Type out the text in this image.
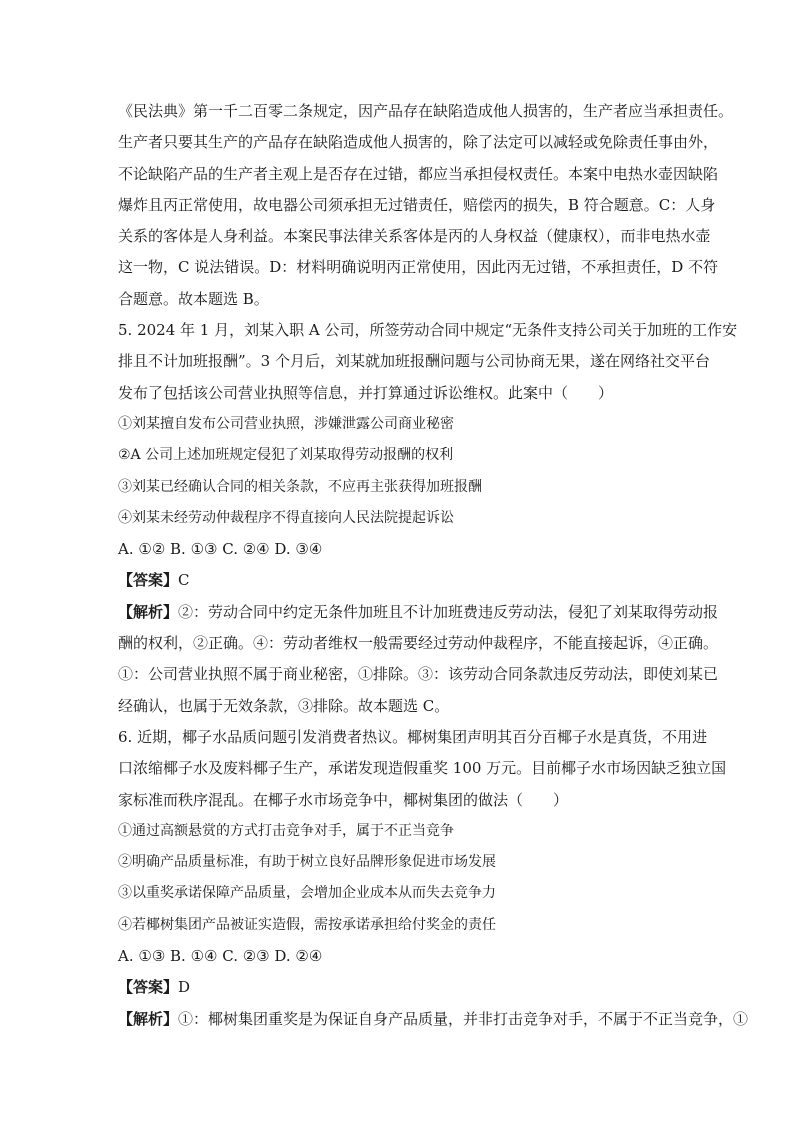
《民法典》第一千二百零二条规定，因产品存在缺陷造成他人损害的，生产者应当承担责任。
生产者只要其生产的产品存在缺陷造成他人损害的，除了法定可以减轻或免除责任事由外，
不论缺陷产品的生产者主观上是否存在过错，都应当承担侵权责任。本案中电热水壶因缺陷
爆炸且丙正常使用，故电器公司须承担无过错责任，赔偿丙的损失，B 符合题意。C：人身
关系的客体是人身利益。本案民事法律关系客体是丙的人身权益（健康权），而非电热水壶
这一物，C 说法错误。D：材料明确说明丙正常使用，因此丙无过错，不承担责任，D 不符
合题意。故本题选 B。
5. 2024 年 1 月，刘某入职 A 公司，所签劳动合同中规定“无条件支持公司关于加班的工作安
排且不计加班报酬”。3 个月后，刘某就加班报酬问题与公司协商无果，遂在网络社交平台
发布了包括该公司营业执照等信息，并打算通过诉讼维权。此案中（　　）
①刘某擅自发布公司营业执照，涉嫌泄露公司商业秘密
②A 公司上述加班规定侵犯了刘某取得劳动报酬的权利
③刘某已经确认合同的相关条款，不应再主张获得加班报酬
④刘某未经劳动仲裁程序不得直接向人民法院提起诉讼
A. ①② B. ①③ C. ②④ D. ③④
【答案】C
【解析】②：劳动合同中约定无条件加班且不计加班费违反劳动法，侵犯了刘某取得劳动报
酬的权利，②正确。④：劳动者维权一般需要经过劳动仲裁程序，不能直接起诉，④正确。
①：公司营业执照不属于商业秘密，①排除。③：该劳动合同条款违反劳动法，即使刘某已
经确认，也属于无效条款，③排除。故本题选 C。
6. 近期，椰子水品质问题引发消费者热议。椰树集团声明其百分百椰子水是真货，不用进
口浓缩椰子水及废料椰子生产，承诺发现造假重奖 100 万元。目前椰子水市场因缺乏独立国
家标准而秩序混乱。在椰子水市场竞争中，椰树集团的做法（　　）
①通过高额悬赏的方式打击竞争对手，属于不正当竞争
②明确产品质量标准，有助于树立良好品牌形象促进市场发展
③以重奖承诺保障产品质量，会增加企业成本从而失去竞争力
④若椰树集团产品被证实造假，需按承诺承担给付奖金的责任
A. ①③ B. ①④ C. ②③ D. ②④
【答案】D
【解析】①：椰树集团重奖是为保证自身产品质量，并非打击竞争对手，不属于不正当竞争，①
